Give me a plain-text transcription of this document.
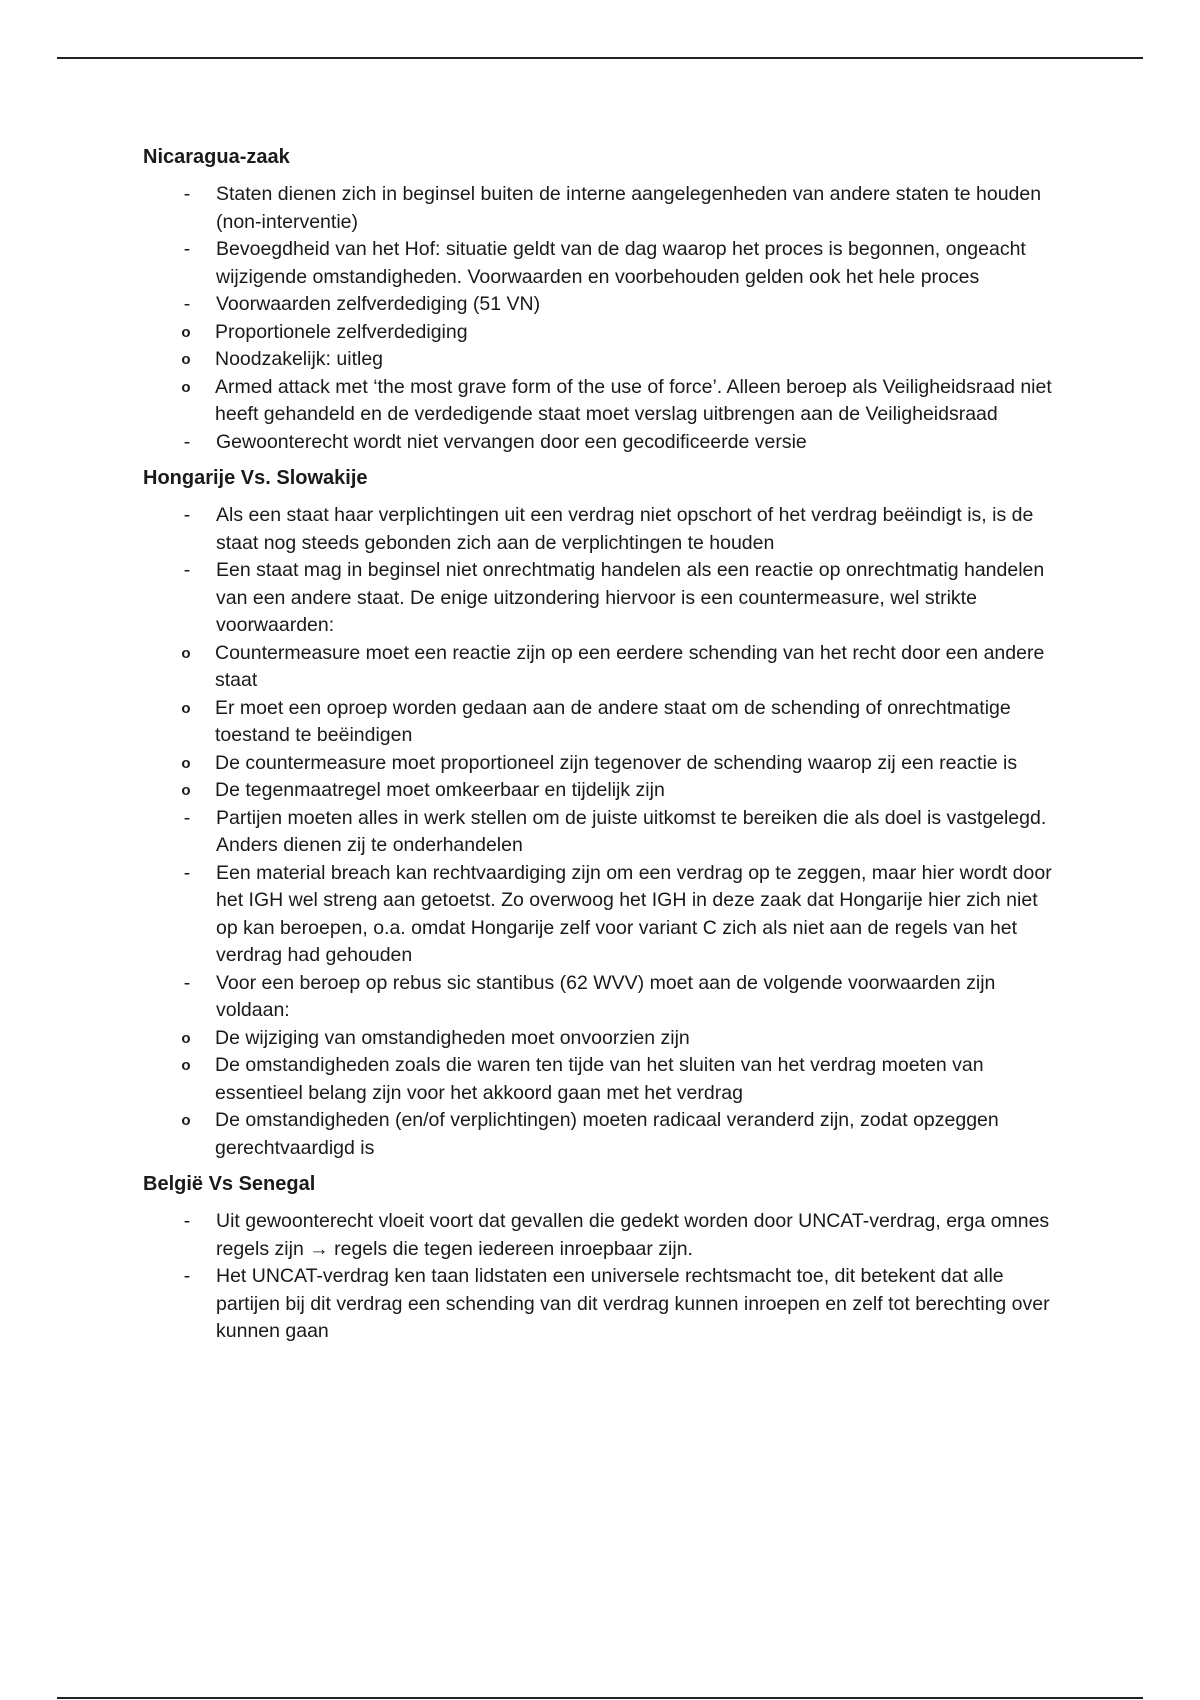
Nicaragua-zaak
- Staten dienen zich in beginsel buiten de interne aangelegenheden van andere staten te houden (non-interventie)
- Bevoegdheid van het Hof: situatie geldt van de dag waarop het proces is begonnen, ongeacht wijzigende omstandigheden. Voorwaarden en voorbehouden gelden ook het hele proces
- Voorwaarden zelfverdediging (51 VN)
o Proportionele zelfverdediging
o Noodzakelijk: uitleg
o Armed attack met ‘the most grave form of the use of force’. Alleen beroep als Veiligheidsraad niet heeft gehandeld en de verdedigende staat moet verslag uitbrengen aan de Veiligheidsraad
- Gewoonterecht wordt niet vervangen door een gecodificeerde versie
Hongarije Vs. Slowakije
- Als een staat haar verplichtingen uit een verdrag niet opschort of het verdrag beëindigt is, is de staat nog steeds gebonden zich aan de verplichtingen te houden
- Een staat mag in beginsel niet onrechtmatig handelen als een reactie op onrechtmatig handelen van een andere staat. De enige uitzondering hiervoor is een countermeasure, wel strikte voorwaarden:
o Countermeasure moet een reactie zijn op een eerdere schending van het recht door een andere staat
o Er moet een oproep worden gedaan aan de andere staat om de schending of onrechtmatige toestand te beëindigen
o De countermeasure moet proportioneel zijn tegenover de schending waarop zij een reactie is
o De tegenmaatregel moet omkeerbaar en tijdelijk zijn
- Partijen moeten alles in werk stellen om de juiste uitkomst te bereiken die als doel is vastgelegd. Anders dienen zij te onderhandelen
- Een material breach kan rechtvaardiging zijn om een verdrag op te zeggen, maar hier wordt door het IGH wel streng aan getoetst. Zo overwoog het IGH in deze zaak dat Hongarije hier zich niet op kan beroepen, o.a. omdat Hongarije zelf voor variant C zich als niet aan de regels van het verdrag had gehouden
- Voor een beroep op rebus sic stantibus (62 WVV) moet aan de volgende voorwaarden zijn voldaan:
o De wijziging van omstandigheden moet onvoorzien zijn
o De omstandigheden zoals die waren ten tijde van het sluiten van het verdrag moeten van essentieel belang zijn voor het akkoord gaan met het verdrag
o De omstandigheden (en/of verplichtingen) moeten radicaal veranderd zijn, zodat opzeggen gerechtvaardigd is
België Vs Senegal
- Uit gewoonterecht vloeit voort dat gevallen die gedekt worden door UNCAT-verdrag, erga omnes regels zijn → regels die tegen iedereen inroepbaar zijn.
- Het UNCAT-verdrag ken taan lidstaten een universele rechtsmacht toe, dit betekent dat alle partijen bij dit verdrag een schending van dit verdrag kunnen inroepen en zelf tot berechting over kunnen gaan
